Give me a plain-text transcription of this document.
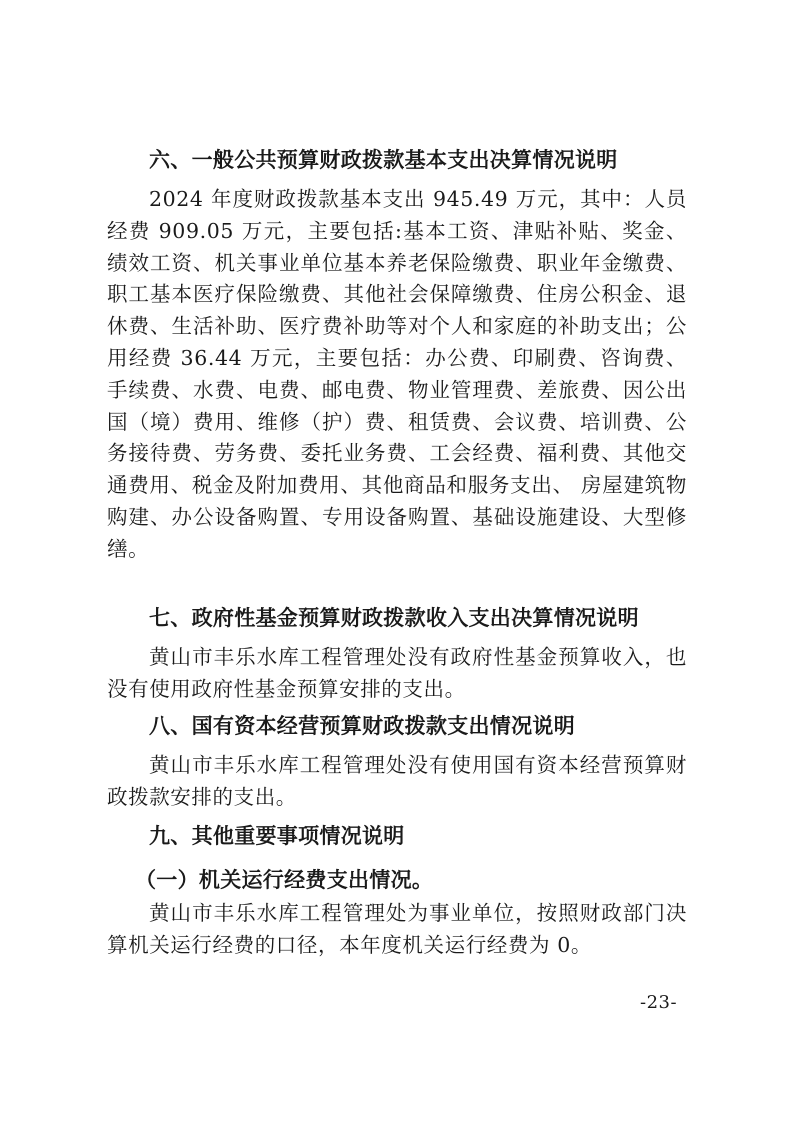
六、一般公共预算财政拨款基本支出决算情况说明

2024 年度财政拨款基本支出 945.49 万元，其中：人员经费 909.05 万元，主要包括:基本工资、津贴补贴、奖金、绩效工资、机关事业单位基本养老保险缴费、职业年金缴费、职工基本医疗保险缴费、其他社会保障缴费、住房公积金、退休费、生活补助、医疗费补助等对个人和家庭的补助支出；公用经费 36.44 万元，主要包括：办公费、印刷费、咨询费、手续费、水费、电费、邮电费、物业管理费、差旅费、因公出国（境）费用、维修（护）费、租赁费、会议费、培训费、公务接待费、劳务费、委托业务费、工会经费、福利费、其他交通费用、税金及附加费用、其他商品和服务支出、 房屋建筑物购建、办公设备购置、专用设备购置、基础设施建设、大型修缮。

七、政府性基金预算财政拨款收入支出决算情况说明

黄山市丰乐水库工程管理处没有政府性基金预算收入，也没有使用政府性基金预算安排的支出。

八、国有资本经营预算财政拨款支出情况说明

黄山市丰乐水库工程管理处没有使用国有资本经营预算财政拨款安排的支出。

九、其他重要事项情况说明
（一）机关运行经费支出情况。

黄山市丰乐水库工程管理处为事业单位，按照财政部门决算机关运行经费的口径，本年度机关运行经费为 0。

-23-
